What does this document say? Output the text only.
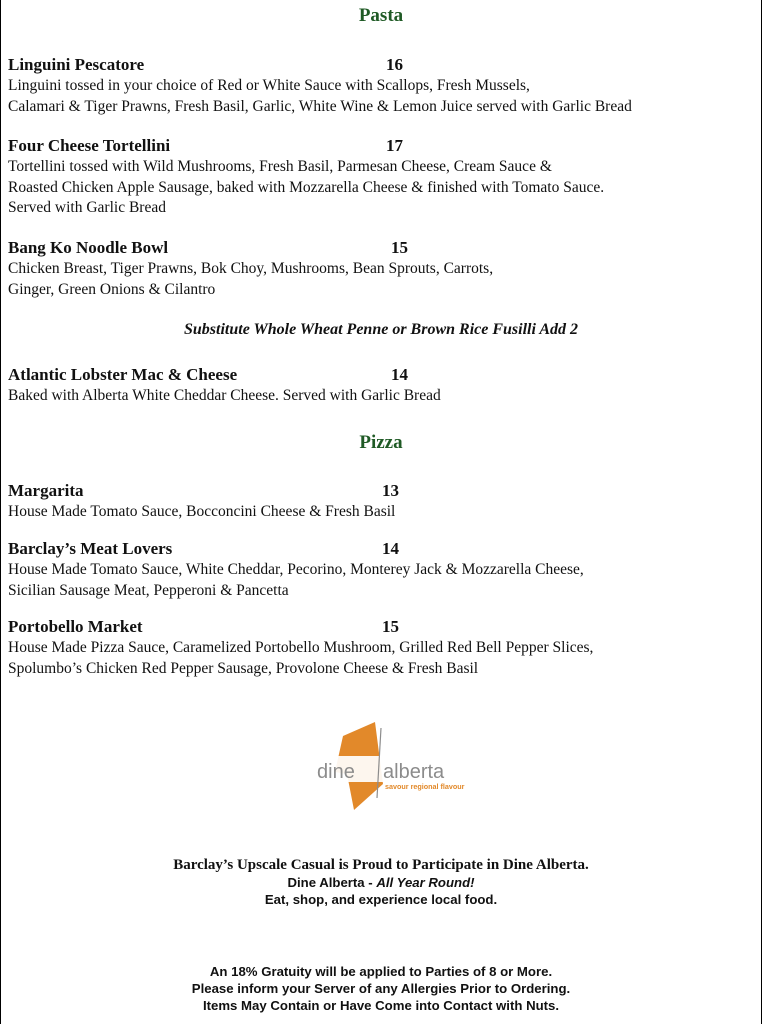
Pasta
Linguini Pescatore	16
Linguini tossed in your choice of Red or White Sauce with Scallops, Fresh Mussels,
Calamari & Tiger Prawns, Fresh Basil, Garlic, White Wine & Lemon Juice served with Garlic Bread
Four Cheese Tortellini	17
Tortellini tossed with Wild Mushrooms, Fresh Basil, Parmesan Cheese, Cream Sauce &
Roasted Chicken Apple Sausage, baked with Mozzarella Cheese & finished with Tomato Sauce.
Served with Garlic Bread
Bang Ko Noodle Bowl	15
Chicken Breast, Tiger Prawns, Bok Choy, Mushrooms, Bean Sprouts, Carrots,
Ginger, Green Onions & Cilantro
Substitute Whole Wheat Penne or Brown Rice Fusilli Add 2
Atlantic Lobster Mac & Cheese	14
Baked with Alberta White Cheddar Cheese. Served with Garlic Bread
Pizza
Margarita	13
House Made Tomato Sauce, Bocconcini Cheese & Fresh Basil
Barclay’s Meat Lovers	14
House Made Tomato Sauce, White Cheddar, Pecorino, Monterey Jack & Mozzarella Cheese,
Sicilian Sausage Meat, Pepperoni & Pancetta
Portobello Market	15
House Made Pizza Sauce, Caramelized Portobello Mushroom, Grilled Red Bell Pepper Slices,
Spolumbo’s Chicken Red Pepper Sausage, Provolone Cheese & Fresh Basil
dine alberta
savour regional flavour
Barclay’s Upscale Casual is Proud to Participate in Dine Alberta.
Dine Alberta - All Year Round!
Eat, shop, and experience local food.
An 18% Gratuity will be applied to Parties of 8 or More.
Please inform your Server of any Allergies Prior to Ordering.
Items May Contain or Have Come into Contact with Nuts.
